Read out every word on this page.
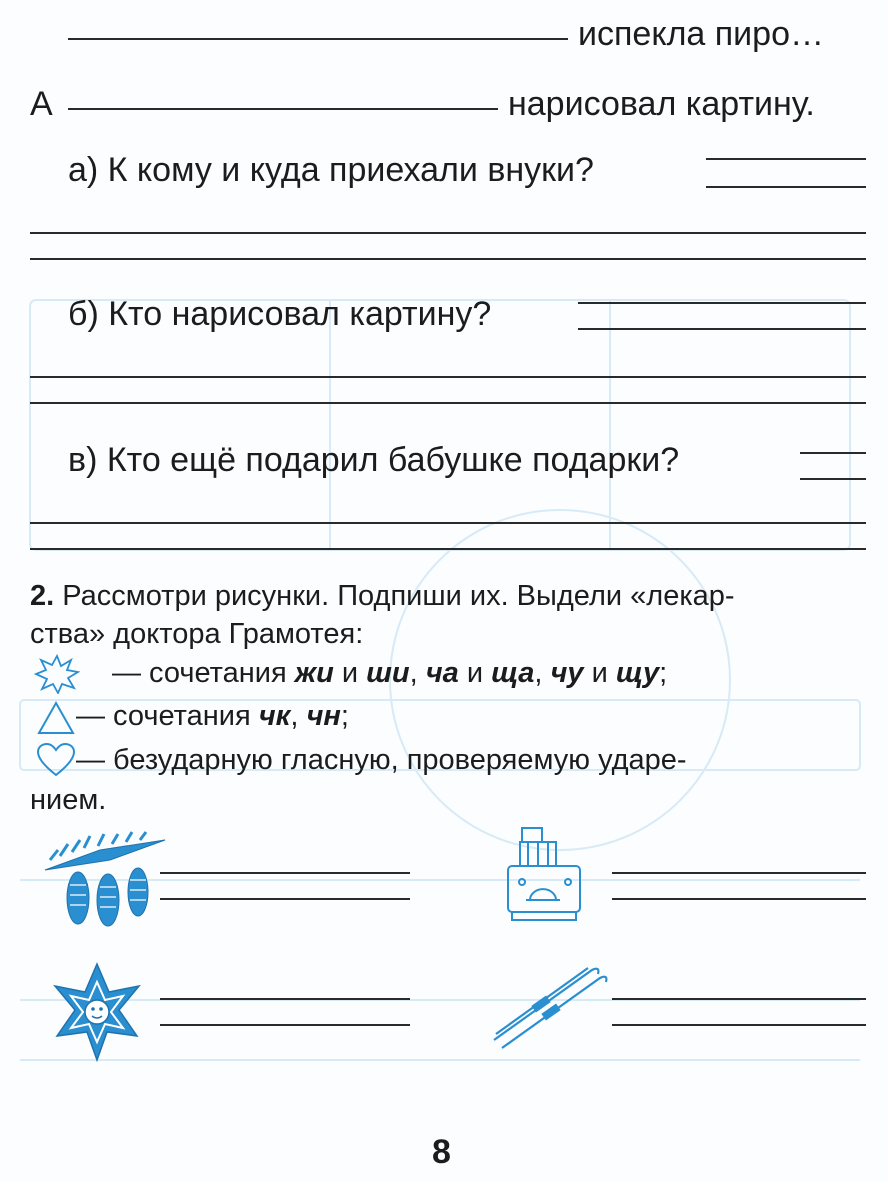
испекла пиро…
А	нарисовал картину.
а) К кому и куда приехали внуки?
б) Кто нарисовал картину?
в) Кто ещё подарил бабушке подарки?
2. Рассмотри рисунки. Подпиши их. Выдели «лекар-
ства» доктора Грамотея:
— сочетания жи и ши, ча и ща, чу и щу;
— сочетания чк, чн;
— безударную гласную, проверяемую ударе-
нием.
8
